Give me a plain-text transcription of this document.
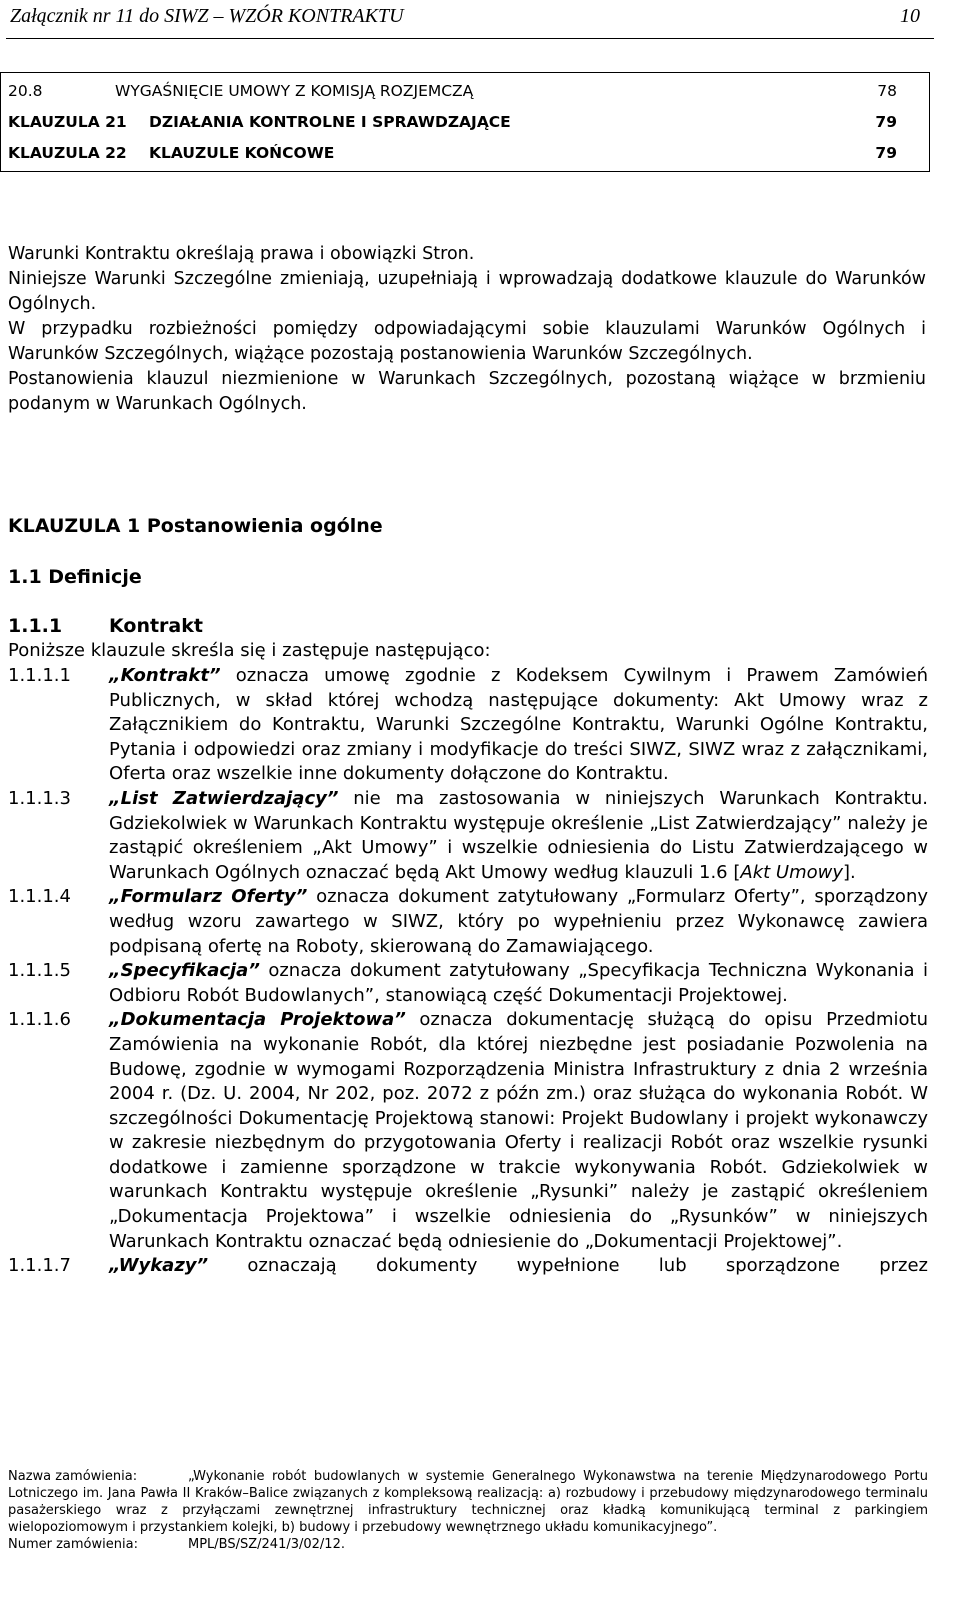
Załącznik nr 11 do SIWZ – WZÓR KONTRAKTU	10
20.8	WYGAŚNIĘCIE UMOWY Z KOMISJĄ ROZJEMCZĄ	78
KLAUZULA 21 DZIAŁANIA KONTROLNE I SPRAWDZAJĄCE	79
KLAUZULA 22 KLAUZULE KOŃCOWE	79

Warunki Kontraktu określają prawa i obowiązki Stron.

Niniejsze Warunki Szczególne zmieniają, uzupełniają i wprowadzają dodatkowe klauzule do Warunków Ogólnych.

W przypadku rozbieżności pomiędzy odpowiadającymi sobie klauzulami Warunków Ogólnych i Warunków Szczególnych, wiążące pozostają postanowienia Warunków Szczególnych.

Postanowienia klauzul niezmienione w Warunkach Szczególnych, pozostaną wiążące w brzmieniu podanym w Warunkach Ogólnych.

KLAUZULA 1 Postanowienia ogólne
1.1 Definicje
1.1.1 Kontrakt
Poniższe klauzule skreśla się i zastępuje następująco:
1.1.1.1 „Kontrakt” oznacza umowę zgodnie z Kodeksem Cywilnym i Prawem Zamówień Publicznych, w skład której wchodzą następujące dokumenty: Akt Umowy wraz z Załącznikiem do Kontraktu, Warunki Szczególne Kontraktu, Warunki Ogólne Kontraktu, Pytania i odpowiedzi oraz zmiany i modyfikacje do treści SIWZ, SIWZ wraz z załącznikami, Oferta oraz wszelkie inne dokumenty dołączone do Kontraktu.
1.1.1.3 „List Zatwierdzający” nie ma zastosowania w niniejszych Warunkach Kontraktu. Gdziekolwiek w Warunkach Kontraktu występuje określenie „List Zatwierdzający” należy je zastąpić określeniem „Akt Umowy” i wszelkie odniesienia do Listu Zatwierdzającego w Warunkach Ogólnych oznaczać będą Akt Umowy według klauzuli 1.6 [Akt Umowy].
1.1.1.4 „Formularz Oferty” oznacza dokument zatytułowany „Formularz Oferty”, sporządzony według wzoru zawartego w SIWZ, który po wypełnieniu przez Wykonawcę zawiera podpisaną ofertę na Roboty, skierowaną do Zamawiającego.
1.1.1.5 „Specyfikacja” oznacza dokument zatytułowany „Specyfikacja Techniczna Wykonania i Odbioru Robót Budowlanych”, stanowiącą część Dokumentacji Projektowej.
1.1.1.6 „Dokumentacja Projektowa” oznacza dokumentację służącą do opisu Przedmiotu Zamówienia na wykonanie Robót, dla której niezbędne jest posiadanie Pozwolenia na Budowę, zgodnie w wymogami Rozporządzenia Ministra Infrastruktury z dnia 2 września 2004 r. (Dz. U. 2004, Nr 202, poz. 2072 z późn zm.) oraz służąca do wykonania Robót. W szczególności Dokumentację Projektową stanowi: Projekt Budowlany i projekt wykonawczy w zakresie niezbędnym do przygotowania Oferty i realizacji Robót oraz wszelkie rysunki dodatkowe i zamienne sporządzone w trakcie wykonywania Robót. Gdziekolwiek w warunkach Kontraktu występuje określenie „Rysunki” należy je zastąpić określeniem „Dokumentacja Projektowa” i wszelkie odniesienia do „Rysunków” w niniejszych Warunkach Kontraktu oznaczać będą odniesienie do „Dokumentacji Projektowej”.
1.1.1.7 „Wykazy” oznaczają dokumenty wypełnione lub sporządzone przez

Nazwa zamówienia:	„Wykonanie robót budowlanych w systemie Generalnego Wykonawstwa na terenie Międzynarodowego Portu Lotniczego im. Jana Pawła II Kraków–Balice związanych z kompleksową realizacją: a) rozbudowy i przebudowy międzynarodowego terminalu pasażerskiego wraz z przyłączami zewnętrznej infrastruktury technicznej oraz kładką komunikującą terminal z parkingiem wielopoziomowym i przystankiem kolejki, b) budowy i przebudowy wewnętrznego układu komunikacyjnego”.

Numer zamówienia:	MPL/BS/SZ/241/3/02/12.
